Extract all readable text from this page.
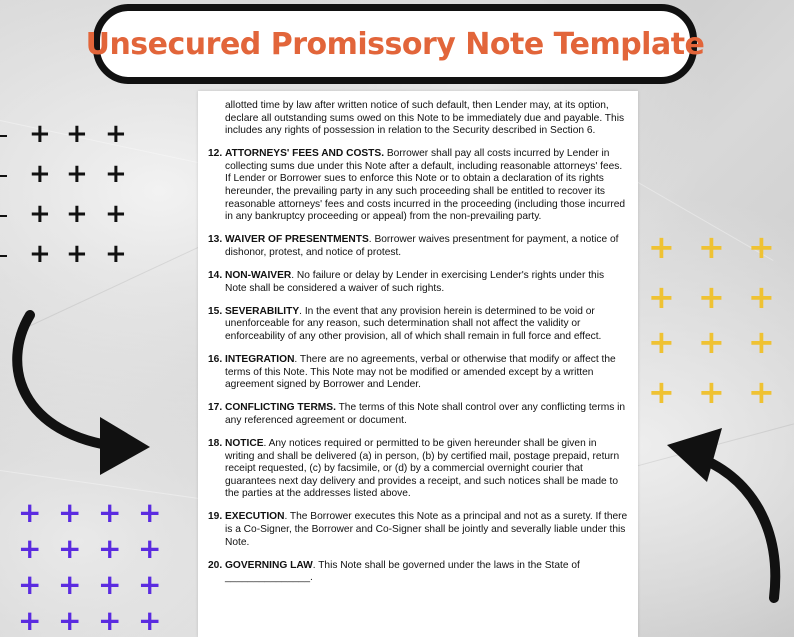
Unsecured Promissory Note Template
allotted time by law after written notice of such default, then Lender may, at its option, declare all outstanding sums owed on this Note to be immediately due and payable. This includes any rights of possession in relation to the Security described in Section 6.
12. ATTORNEYS' FEES AND COSTS. Borrower shall pay all costs incurred by Lender in collecting sums due under this Note after a default, including reasonable attorneys' fees. If Lender or Borrower sues to enforce this Note or to obtain a declaration of its rights hereunder, the prevailing party in any such proceeding shall be entitled to recover its reasonable attorneys' fees and costs incurred in the proceeding (including those incurred in any bankruptcy proceeding or appeal) from the non-prevailing party.
13. WAIVER OF PRESENTMENTS. Borrower waives presentment for payment, a notice of dishonor, protest, and notice of protest.
14. NON-WAIVER. No failure or delay by Lender in exercising Lender's rights under this Note shall be considered a waiver of such rights.
15. SEVERABILITY. In the event that any provision herein is determined to be void or unenforceable for any reason, such determination shall not affect the validity or enforceability of any other provision, all of which shall remain in full force and effect.
16. INTEGRATION. There are no agreements, verbal or otherwise that modify or affect the terms of this Note. This Note may not be modified or amended except by a written agreement signed by Borrower and Lender.
17. CONFLICTING TERMS. The terms of this Note shall control over any conflicting terms in any referenced agreement or document.
18. NOTICE. Any notices required or permitted to be given hereunder shall be given in writing and shall be delivered (a) in person, (b) by certified mail, postage prepaid, return receipt requested, (c) by facsimile, or (d) by a commercial overnight courier that guarantees next day delivery and provides a receipt, and such notices shall be made to the parties at the addresses listed above.
19. EXECUTION. The Borrower executes this Note as a principal and not as a surety. If there is a Co-Signer, the Borrower and Co-Signer shall be jointly and severally liable under this Note.
20. GOVERNING LAW. This Note shall be governed under the laws in the State of _______________.
+ + +
+ + +
+ + +
+ + +	+ + +
+ + +
+ + +
+ + +
+ + + +
+ + + +
+ + + +
+ + + +
